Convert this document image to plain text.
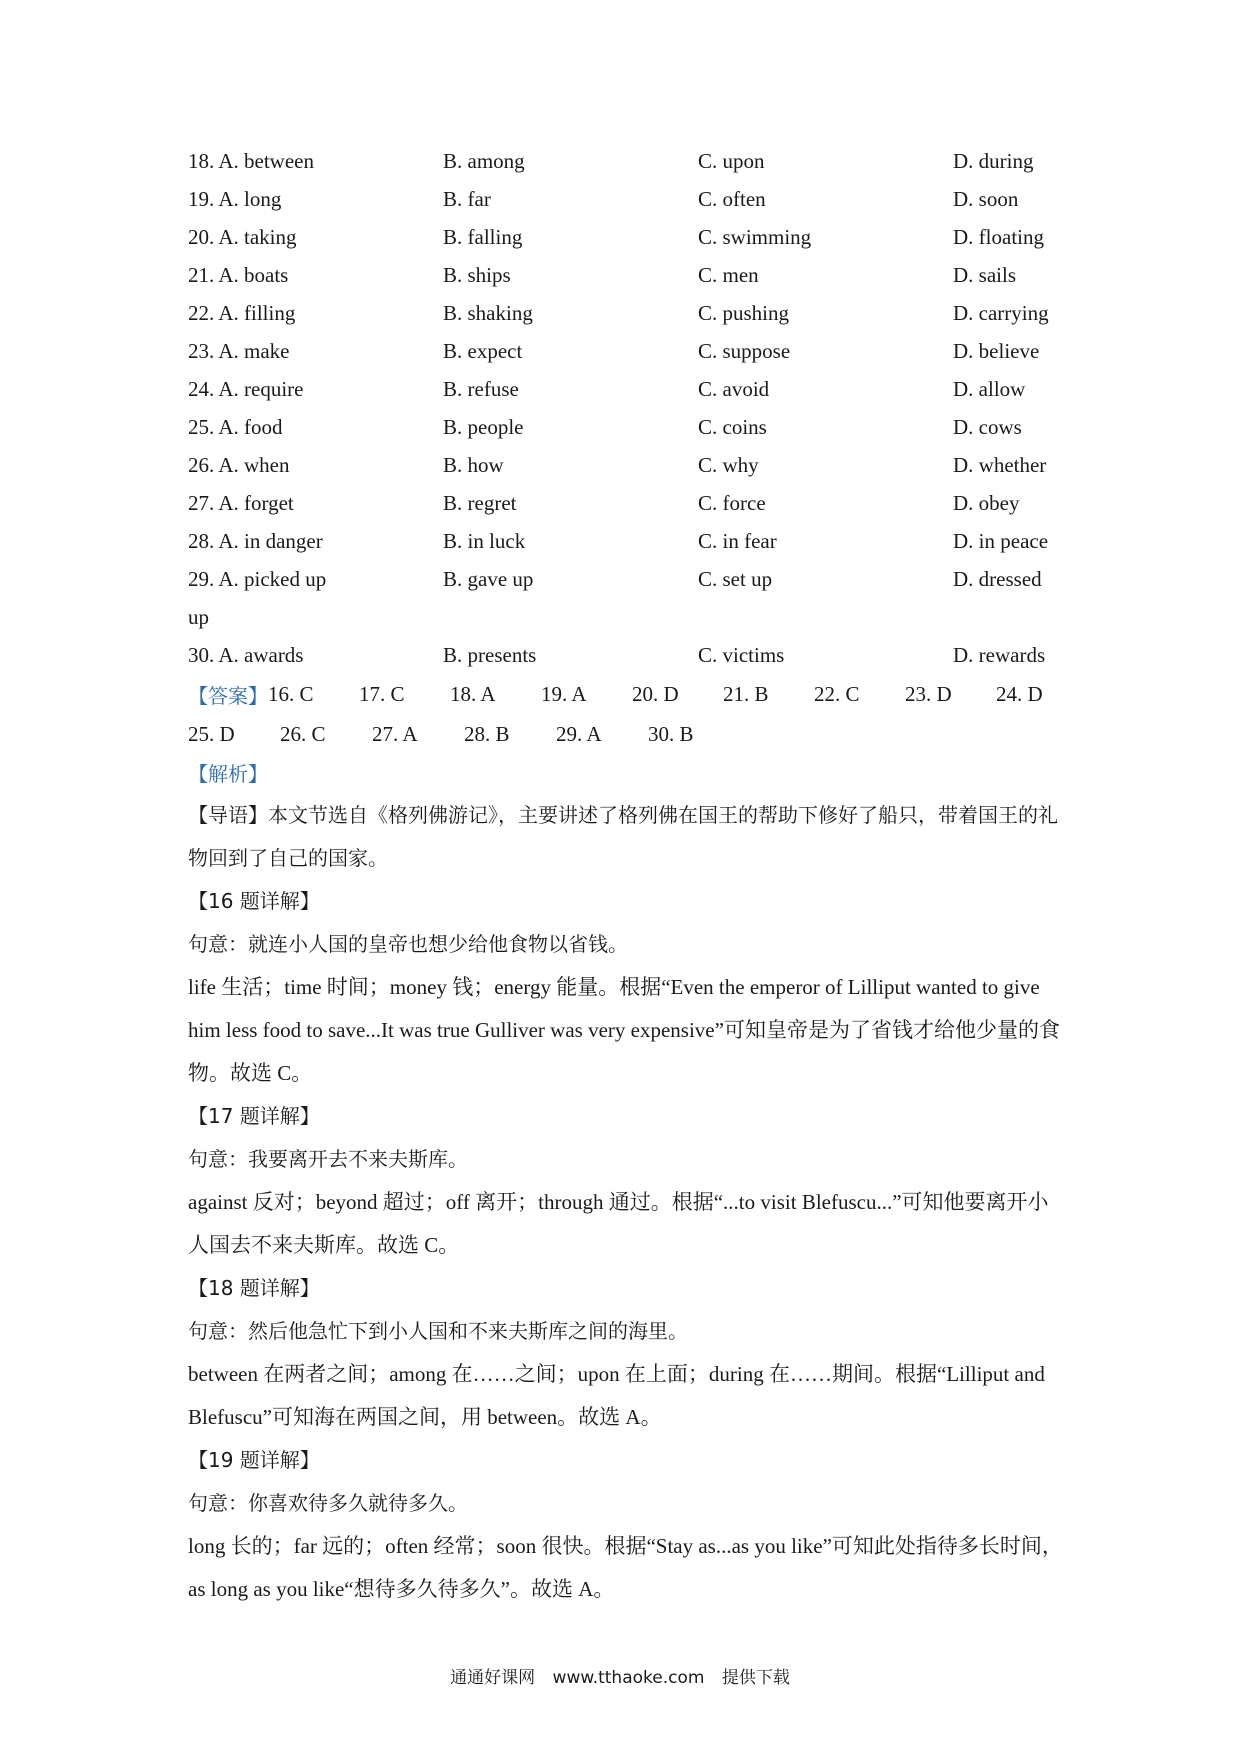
18. A. between	B. among	C. upon	D. during
19. A. long	B. far	C. often	D. soon
20. A. taking	B. falling	C. swimming	D. floating
21. A. boats	B. ships	C. men	D. sails
22. A. filling	B. shaking	C. pushing	D. carrying
23. A. make	B. expect	C. suppose	D. believe
24. A. require	B. refuse	C. avoid	D. allow
25. A. food	B. people	C. coins	D. cows
26. A. when	B. how	C. why	D. whether
27. A. forget	B. regret	C. force	D. obey
28. A. in danger	B. in luck	C. in fear	D. in peace
29. A. picked up	B. gave up	C. set up	D. dressed
up
30. A. awards	B. presents	C. victims	D. rewards
【答案】 16. C	17. C	18. A	19. A	20. D	21. B	22. C	23. D	24. D
25. D	26. C	27. A	28. B	29. A	30. B
【解析】
【导语】本文节选自《格列佛游记》，主要讲述了格列佛在国王的帮助下修好了船只，带着国王的礼物回到了自己的国家。
【16 题详解】
句意：就连小人国的皇帝也想少给他食物以省钱。
life 生活；time 时间；money 钱；energy 能量。根据“Even the emperor of Lilliput wanted to give him less food to save...It was true Gulliver was very expensive”可知皇帝是为了省钱才给他少量的食物。故选 C。
【17 题详解】
句意：我要离开去不来夫斯库。
against 反对；beyond 超过；off 离开；through 通过。根据“...to visit Blefuscu...”可知他要离开小人国去不来夫斯库。故选 C。
【18 题详解】
句意：然后他急忙下到小人国和不来夫斯库之间的海里。
between 在两者之间；among 在……之间；upon 在上面；during 在……期间。根据“Lilliput and Blefuscu”可知海在两国之间，用 between。故选 A。
【19 题详解】
句意：你喜欢待多久就待多久。
long 长的；far 远的；often 经常；soon 很快。根据“Stay as...as you like”可知此处指待多长时间，as long as you like“想待多久待多久”。故选 A。
通通好课网 www.tthaoke.com 提供下载
